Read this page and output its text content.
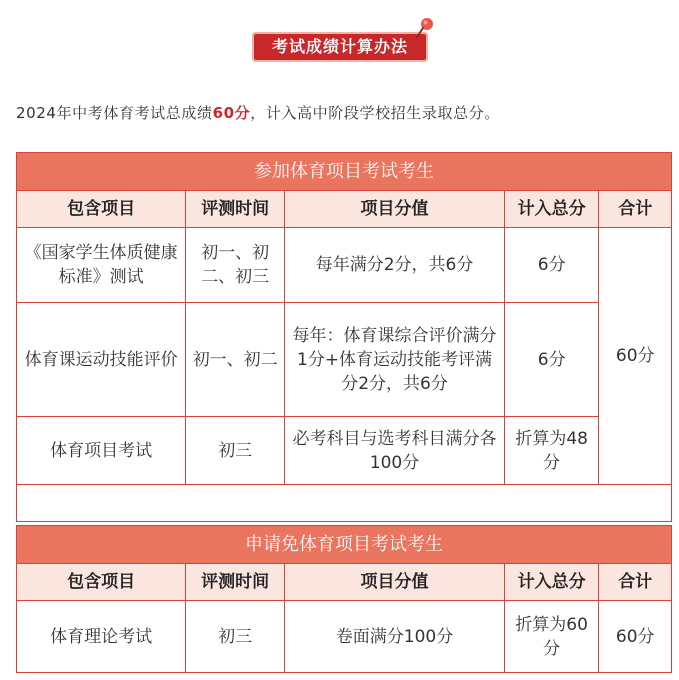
考试成绩计算办法
2024年中考体育考试总成绩60分，计入高中阶段学校招生录取总分。
参加体育项目考试考生				
包含项目	评测时间	项目分值	计入总分	合计
《国家学生体质健康标准》测试	初一、初二、初三	每年满分2分，共6分	6分	60分
体育课运动技能评价	初一、初二	每年：体育课综合评价满分1分+体育运动技能考评满分2分，共6分	6分	
体育项目考试	初三	必考科目与选考科目满分各100分	折算为48分	

申请免体育项目考试考生				
包含项目	评测时间	项目分值	计入总分	合计
体育理论考试	初三	卷面满分100分	折算为60分	60分
